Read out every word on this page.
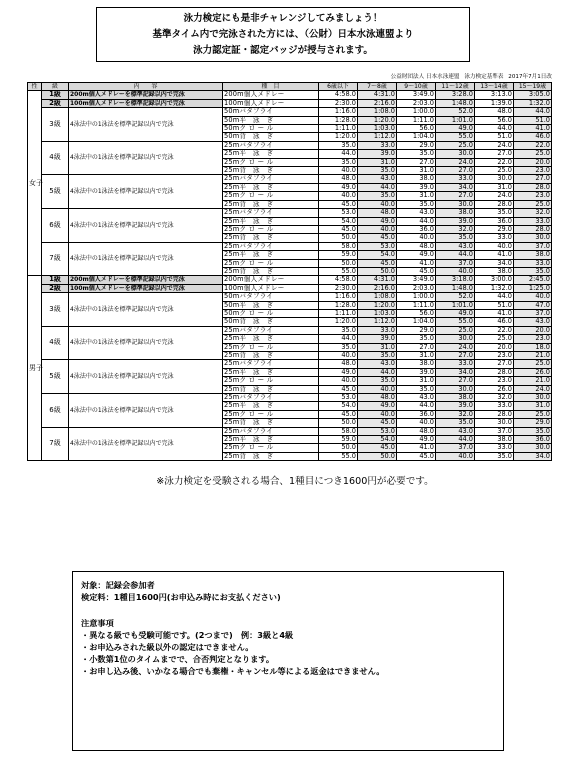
泳力検定にも是非チャレンジしてみましょう！
基準タイム内で完泳された方には、（公財）日本水泳連盟より
泳力認定証・認定バッジが授与されます。
公益財団法人 日本水泳連盟 泳力検定基準表 2017年7月1日改
性	級	内　　容	種　目	6歳以下	7〜8歳	9〜10歳	11〜12歳	13〜14歳	15〜19歳
女子	1級	200m個人メドレーを標準記録以内で完泳	200m個人メドレー	4:58.0	4:31.0	3:49.0	3:28.0	3:13.0	3:05.0
	2級	100m個人メドレーを標準記録以内で完泳	100m個人メドレー	2:30.0	2:16.0	2:03.0	1:48.0	1:39.0	1:32.0
	3級	4泳法中の1泳法を標準記録以内で完泳	50mバタフライ	1:16.0	1:08.0	1:00.0	52.0	48.0	44.0
			50m平　泳　ぎ	1:28.0	1:20.0	1:11.0	1:01.0	56.0	51.0
			50mク ロ ー ル	1:11.0	1:03.0	56.0	49.0	44.0	41.0
			50m背　泳　ぎ	1:20.0	1:12.0	1:04.0	55.0	51.0	46.0
	4級	4泳法中の1泳法を標準記録以内で完泳	25mバタフライ	35.0	33.0	29.0	25.0	24.0	22.0
			25m平　泳　ぎ	44.0	39.0	35.0	30.0	27.0	25.0
			25mク ロ ー ル	35.0	31.0	27.0	24.0	22.0	20.0
			25m背　泳　ぎ	40.0	35.0	31.0	27.0	25.0	23.0
	5級	4泳法中の1泳法を標準記録以内で完泳	25mバタフライ	48.0	43.0	38.0	33.0	30.0	27.0
			25m平　泳　ぎ	49.0	44.0	39.0	34.0	31.0	28.0
			25mク ロ ー ル	40.0	35.0	31.0	27.0	24.0	23.0
			25m背　泳　ぎ	45.0	40.0	35.0	30.0	28.0	25.0
	6級	4泳法中の1泳法を標準記録以内で完泳	25mバタフライ	53.0	48.0	43.0	38.0	35.0	32.0
			25m平　泳　ぎ	54.0	49.0	44.0	39.0	36.0	33.0
			25mク ロ ー ル	45.0	40.0	36.0	32.0	29.0	28.0
			25m背　泳　ぎ	50.0	45.0	40.0	35.0	33.0	30.0
	7級	4泳法中の1泳法を標準記録以内で完泳	25mバタフライ	58.0	53.0	48.0	43.0	40.0	37.0
			25m平　泳　ぎ	59.0	54.0	49.0	44.0	41.0	38.0
			25mク ロ ー ル	50.0	45.0	41.0	37.0	34.0	33.0
			25m背　泳　ぎ	55.0	50.0	45.0	40.0	38.0	35.0
男子	1級	200m個人メドレーを標準記録以内で完泳	200m個人メドレー	4:58.0	4:31.0	3:49.0	3:18.0	3:00.0	2:45.0
	2級	100m個人メドレーを標準記録以内で完泳	100m個人メドレー	2:30.0	2:16.0	2:03.0	1:48.0	1:32.0	1:25.0
	3級	4泳法中の1泳法を標準記録以内で完泳	50mバタフライ	1:16.0	1:08.0	1:00.0	52.0	44.0	40.0
			50m平　泳　ぎ	1:28.0	1:20.0	1:11.0	1:01.0	51.0	47.0
			50mク ロ ー ル	1:11.0	1:03.0	56.0	49.0	41.0	37.0
			50m背　泳　ぎ	1:20.0	1:12.0	1:04.0	55.0	46.0	43.0
	4級	4泳法中の1泳法を標準記録以内で完泳	25mバタフライ	35.0	33.0	29.0	25.0	22.0	20.0
			25m平　泳　ぎ	44.0	39.0	35.0	30.0	25.0	23.0
			25mク ロ ー ル	35.0	31.0	27.0	24.0	20.0	18.0
			25m背　泳　ぎ	40.0	35.0	31.0	27.0	23.0	21.0
	5級	4泳法中の1泳法を標準記録以内で完泳	25mバタフライ	48.0	43.0	38.0	33.0	27.0	25.0
			25m平　泳　ぎ	49.0	44.0	39.0	34.0	28.0	26.0
			25mク ロ ー ル	40.0	35.0	31.0	27.0	23.0	21.0
			25m背　泳　ぎ	45.0	40.0	35.0	30.0	26.0	24.0
	6級	4泳法中の1泳法を標準記録以内で完泳	25mバタフライ	53.0	48.0	43.0	38.0	32.0	30.0
			25m平　泳　ぎ	54.0	49.0	44.0	39.0	33.0	31.0
			25mク ロ ー ル	45.0	40.0	36.0	32.0	28.0	25.0
			25m背　泳　ぎ	50.0	45.0	40.0	35.0	30.0	29.0
	7級	4泳法中の1泳法を標準記録以内で完泳	25mバタフライ	58.0	53.0	48.0	43.0	37.0	35.0
			25m平　泳　ぎ	59.0	54.0	49.0	44.0	38.0	36.0
			25mク ロ ー ル	50.0	45.0	41.0	37.0	33.0	30.0
			25m背　泳　ぎ	55.0	50.0	45.0	40.0	35.0	34.0
※泳力検定を受験される場合、1種目につき1600円が必要です。
対象：記録会参加者
検定料：1種目1600円(お申込み時にお支払ください)
注意事項
・異なる級でも受験可能です。(2つまで)　例：3級と4級
・お申込みされた級以外の認定はできません。
・小数第1位のタイムまでで、合否判定となります。
・お申し込み後、いかなる場合でも棄権・キャンセル等による返金はできません。
